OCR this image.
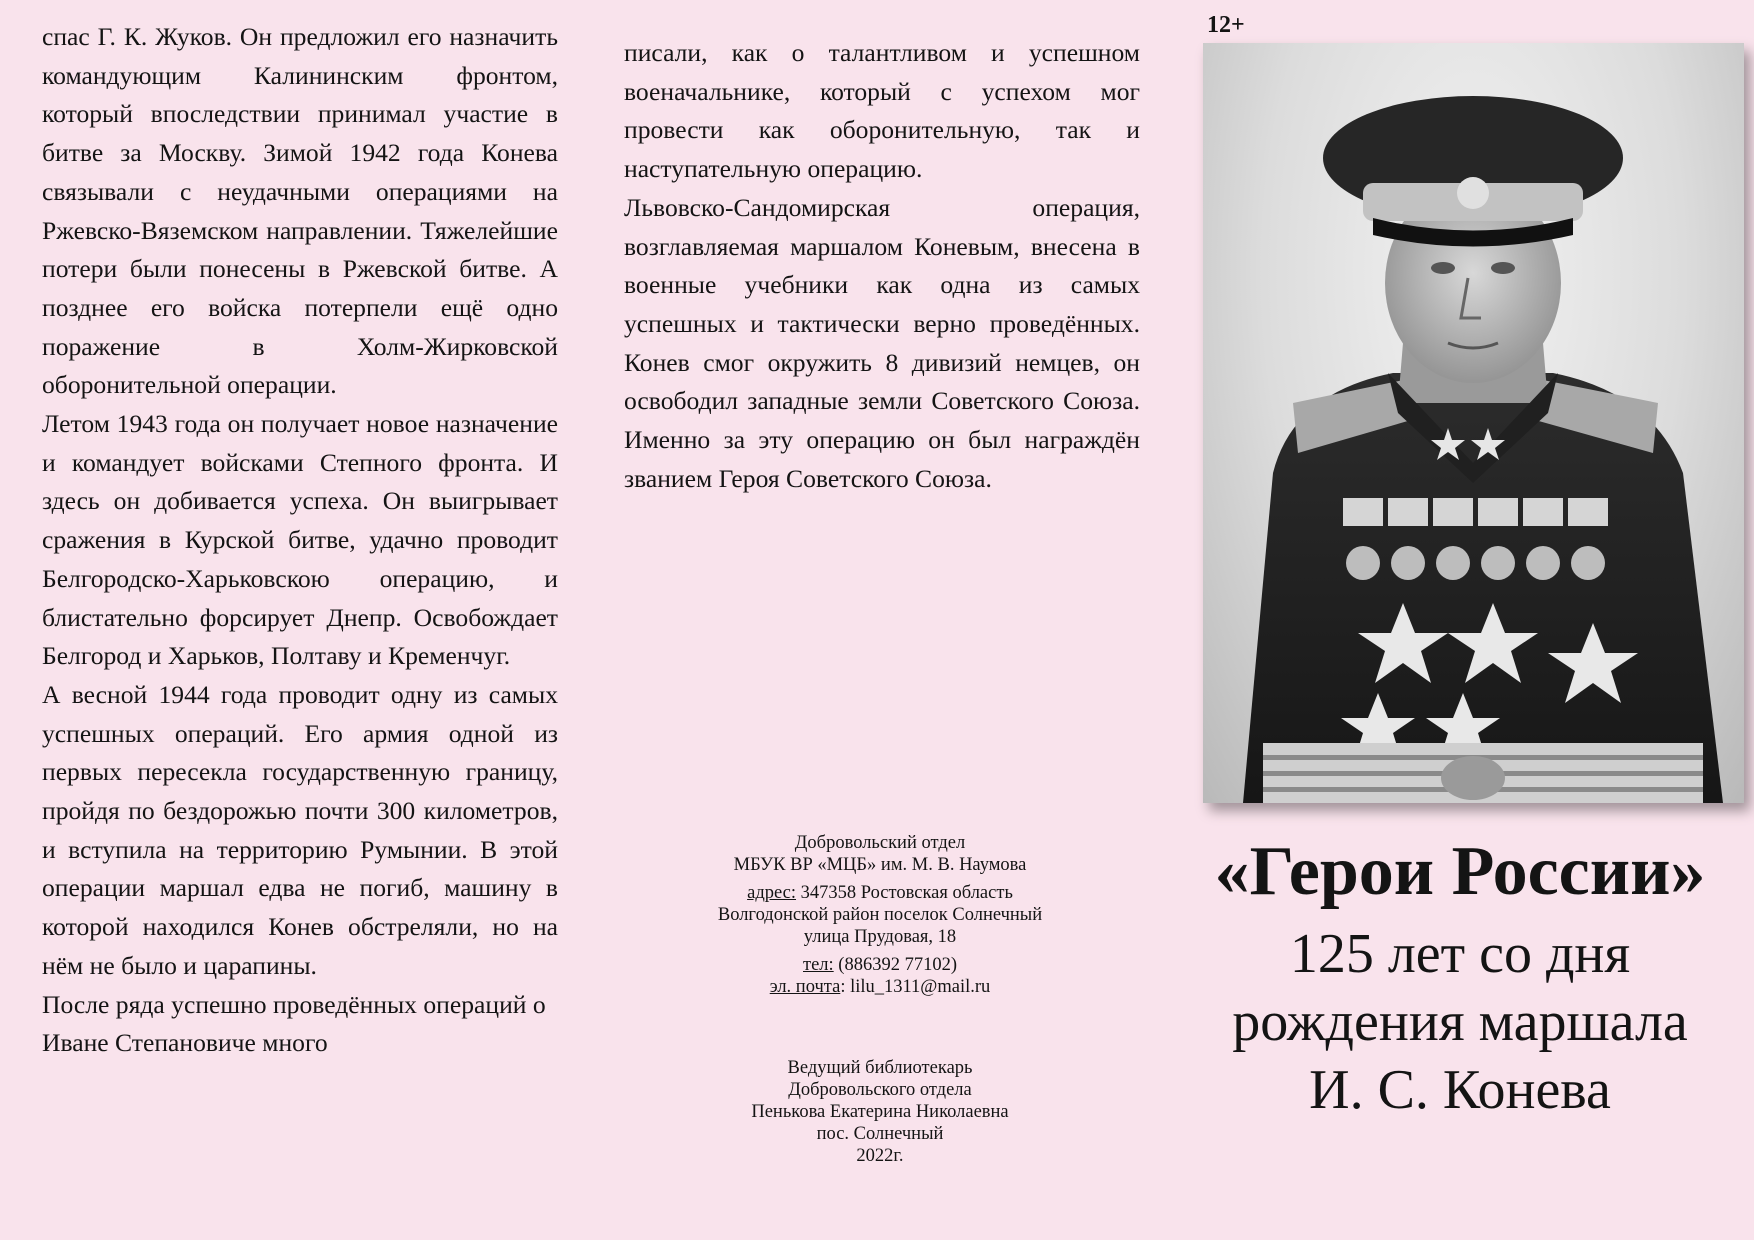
спас Г. К. Жуков. Он предложил его назначить командующим Калининским фронтом, который впоследствии принимал участие в битве за Москву. Зимой 1942 года Конева связывали с неудачными операциями на Ржевско-Вяземском направлении. Тяжелейшие потери были понесены в Ржевской битве. А позднее его войска потерпели ещё одно поражение в Холм-Жирковской оборонительной операции.

Летом 1943 года он получает новое назначение и командует войсками Степного фронта. И здесь он добивается успеха. Он выигрывает сражения в Курской битве, удачно проводит Белгородско-Харьковскою операцию, и блистательно форсирует Днепр. Освобождает Белгород и Харьков, Полтаву и Кременчуг.

А весной 1944 года проводит одну из самых успешных операций. Его армия одной из первых пересекла государственную границу, пройдя по бездорожью почти 300 километров, и вступила на территорию Румынии. В этой операции маршал едва не погиб, машину в которой находился Конев обстреляли, но на нём не было и царапины.

После ряда успешно проведённых операций о Иване Степановиче много

писали, как о талантливом и успешном военачальнике, который с успехом мог провести как оборонительную, так и наступательную операцию.

Львовско-Сандомирская операция, возглавляемая маршалом Коневым, внесена в военные учебники как одна из самых успешных и тактически верно проведённых. Конев смог окружить 8 дивизий немцев, он освободил западные земли Советского Союза. Именно за эту операцию он был награждён званием Героя Советского Союза.

Добровольский отдел
МБУК ВР «МЦБ» им. М. В. Наумова
адрес: 347358 Ростовская область
Волгодонской район поселок Солнечный
улица Прудовая, 18
тел: (886392 77102)
эл. почта: lilu_1311@mail.ru
Ведущий библиотекарь
Добровольского отдела
Пенькова Екатерина Николаевна
пос. Солнечный
2022г.
12+
«Герои России»
125 лет со дня
рождения маршала
И. С. Конева
